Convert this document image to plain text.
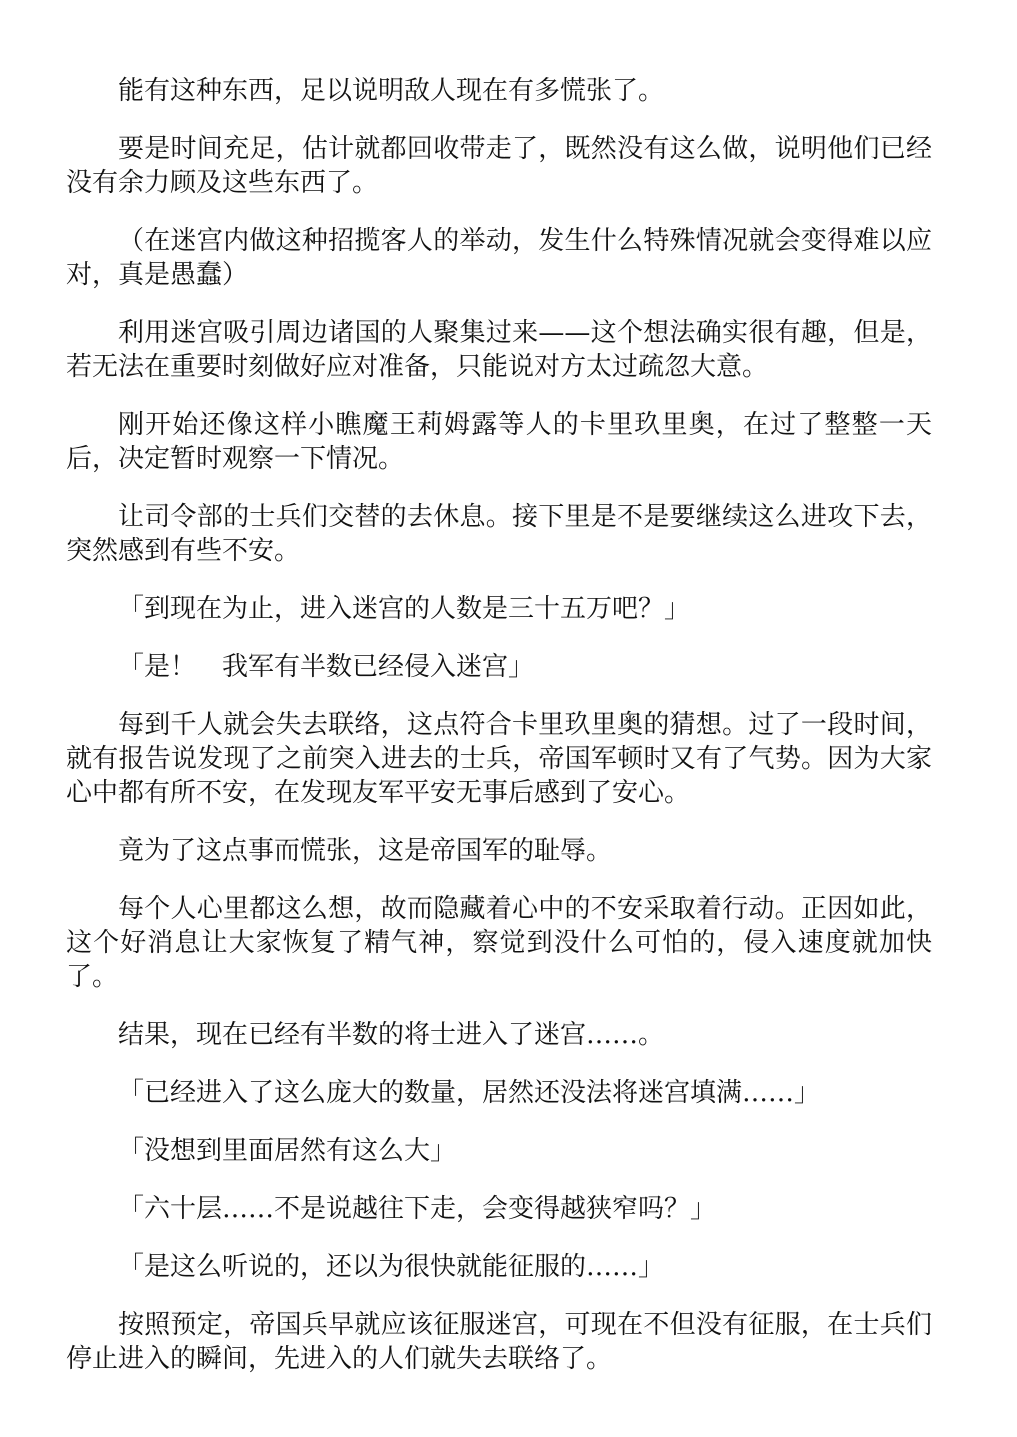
能有这种东西，足以说明敌人现在有多慌张了。

要是时间充足，估计就都回收带走了，既然没有这么做，说明他们已经没有余力顾及这些东西了。

（在迷宫内做这种招揽客人的举动，发生什么特殊情况就会变得难以应对，真是愚蠢）

利用迷宫吸引周边诸国的人聚集过来——这个想法确实很有趣，但是，若无法在重要时刻做好应对准备，只能说对方太过疏忽大意。

刚开始还像这样小瞧魔王莉姆露等人的卡里玖里奥，在过了整整一天后，决定暂时观察一下情况。

让司令部的士兵们交替的去休息。接下里是不是要继续这么进攻下去，突然感到有些不安。

「到现在为止，进入迷宫的人数是三十五万吧？」

「是！　我军有半数已经侵入迷宫」

每到千人就会失去联络，这点符合卡里玖里奥的猜想。过了一段时间，就有报告说发现了之前突入进去的士兵，帝国军顿时又有了气势。因为大家心中都有所不安，在发现友军平安无事后感到了安心。

竟为了这点事而慌张，这是帝国军的耻辱。

每个人心里都这么想，故而隐藏着心中的不安采取着行动。正因如此，这个好消息让大家恢复了精气神，察觉到没什么可怕的，侵入速度就加快了。

结果，现在已经有半数的将士进入了迷宫……。

「已经进入了这么庞大的数量，居然还没法将迷宫填满……」

「没想到里面居然有这么大」

「六十层……不是说越往下走，会变得越狭窄吗？」

「是这么听说的，还以为很快就能征服的……」

按照预定，帝国兵早就应该征服迷宫，可现在不但没有征服，在士兵们停止进入的瞬间，先进入的人们就失去联络了。
